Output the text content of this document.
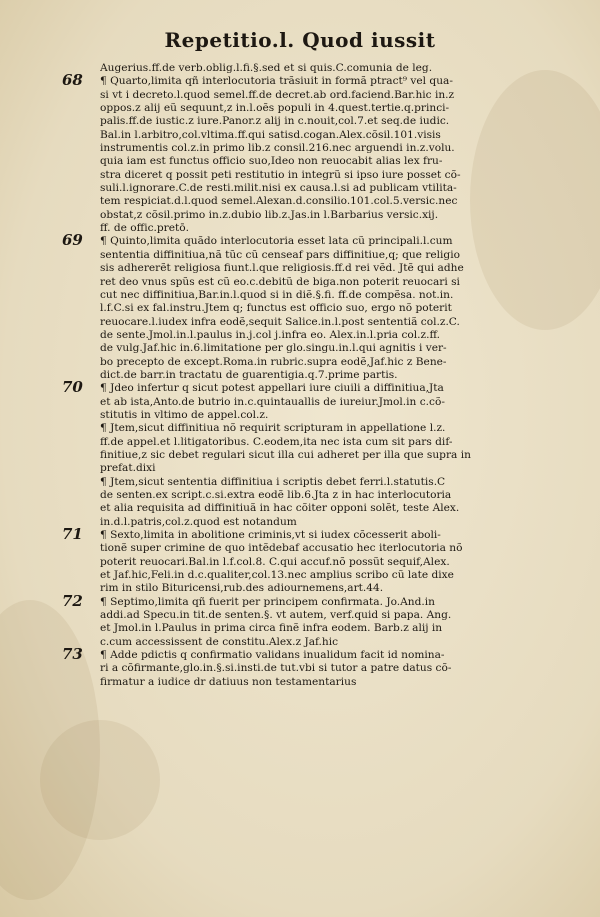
Repetitio.l. Quod iussit
Augerius.ff.de verb.oblig.l.fi.§.sed et si quis.C.comunia de leg.
68 ¶ Quarto,limita qñ interlocutoria trãsiuit in formã ptract⁹ vel qua-
si vt i decreto.l.quod semel.ff.de decret.ab ord.faciend.Bar.hic in.z
oppos.z alij eũ sequunt,z in.l.oẽs populi in 4.quest.tertie.q.princi-
palis.ff.de iustic.z iure.Panor.z alij in c.nouit,col.7.et seq.de iudic.
Bal.in l.arbitro,col.vltima.ff.qui satisd.cogan.Alex.cõsil.101.visis
instrumentis col.z.in primo lib.z consil.216.nec arguendi in.z.volu.
quia iam est functus officio suo,Ideo non reuocabit alias lex fru-
stra diceret q possit peti restitutio in integrũ si ipso iure posset cõ-
suli.l.ignorare.C.de resti.milit.nisi ex causa.l.si ad publicam vtilita-
tem respiciat.d.l.quod semel.Alexan.d.consilio.101.col.5.versic.nec
obstat,z cõsil.primo in.z.dubio lib.z.Jas.in l.Barbarius versic.xij.
ff. de offic.pretō.
69 ¶ Quinto,limita quãdo interlocutoria esset lata cũ principali.l.cum
sententia diffinitiua,nã tũc cũ censeaf pars diffinitiue,q; que religio
sis adhererẽt religiosa fiunt.l.que religiosis.ff.d rei vẽd. Jtẽ qui adhe
ret deo vnus spũs est cũ eo.c.debitũ de biga.non poterit reuocari si
cut nec diffinitiua,Bar.in.l.quod si in diẽ.§.fi. ff.de compẽsa. not.in.
l.f.C.si ex fal.instru.Jtem q; functus est officio suo, ergo nõ poterit
reuocare.l.iudex infra eodẽ,sequit Salice.in.l.post sententiã col.z.C.
de sente.Jmol.in.l.paulus in.j.col j.infra eo. Alex.in.l.pria col.z.ff.
de vulg.Jaf.hic in.6.limitatione per glo.singu.in.l.qui agnitis i ver-
bo precepto de except.Roma.in rubric.supra eodẽ,Jaf.hic z Bene-
dict.de barr.in tractatu de guarentigia.q.7.prime partis.
70 ¶ Jdeo infertur q sicut potest appellari iure ciuili a diffinitiua,Jta
et ab ista,Anto.de butrio in.c.quintauallis de iureiur.Jmol.in c.cõ-
stitutis in vltimo de appel.col.z.
¶ Jtem,sicut diffinitiua nõ requirit scripturam in appellatione l.z.
ff.de appel.et l.litigatoribus. C.eodem,ita nec ista cum sit pars dif-
finitiue,z sic debet regulari sicut illa cui adheret per illa que supra in
prefat.dixi
¶ Jtem,sicut sententia diffinitiua i scriptis debet ferri.l.statutis.C
de senten.ex script.c.si.extra eodẽ lib.6.Jta z in hac interlocutoria
et alia requisita ad diffinitiuã in hac cõiter opponi solẽt, teste Alex.
in.d.l.patris,col.z.quod est notandum
71 ¶ Sexto,limita in abolitione criminis,vt si iudex cõcesserit aboli-
tionẽ super crimine de quo intẽdebaf accusatio hec iterlocutoria nõ
poterit reuocari.Bal.in l.f.col.8. C.qui accuf.nõ possũt sequif,Alex.
et Jaf.hic,Feli.in d.c.qualiter,col.13.nec amplius scribo cũ late dixe
rim in stilo Bituricensi,rub.des adiournemens,art.44.
72 ¶ Septimo,limita qñ fuerit per principem confirmata. Jo.And.in
addi.ad Specu.in tit.de senten.§. vt autem, verf.quid si papa. Ang.
et Jmol.in l.Paulus in prima circa finẽ infra eodem. Barb.z alij in
c.cum accessissent de constitu.Alex.z Jaf.hic
73 ¶ Adde pdictis q confirmatio validans inualidum facit id nomina-
ri a cõfirmante,glo.in.§.si.insti.de tut.vbi si tutor a patre datus cõ-
firmatur a iudice dr datiuus non testamentarius
